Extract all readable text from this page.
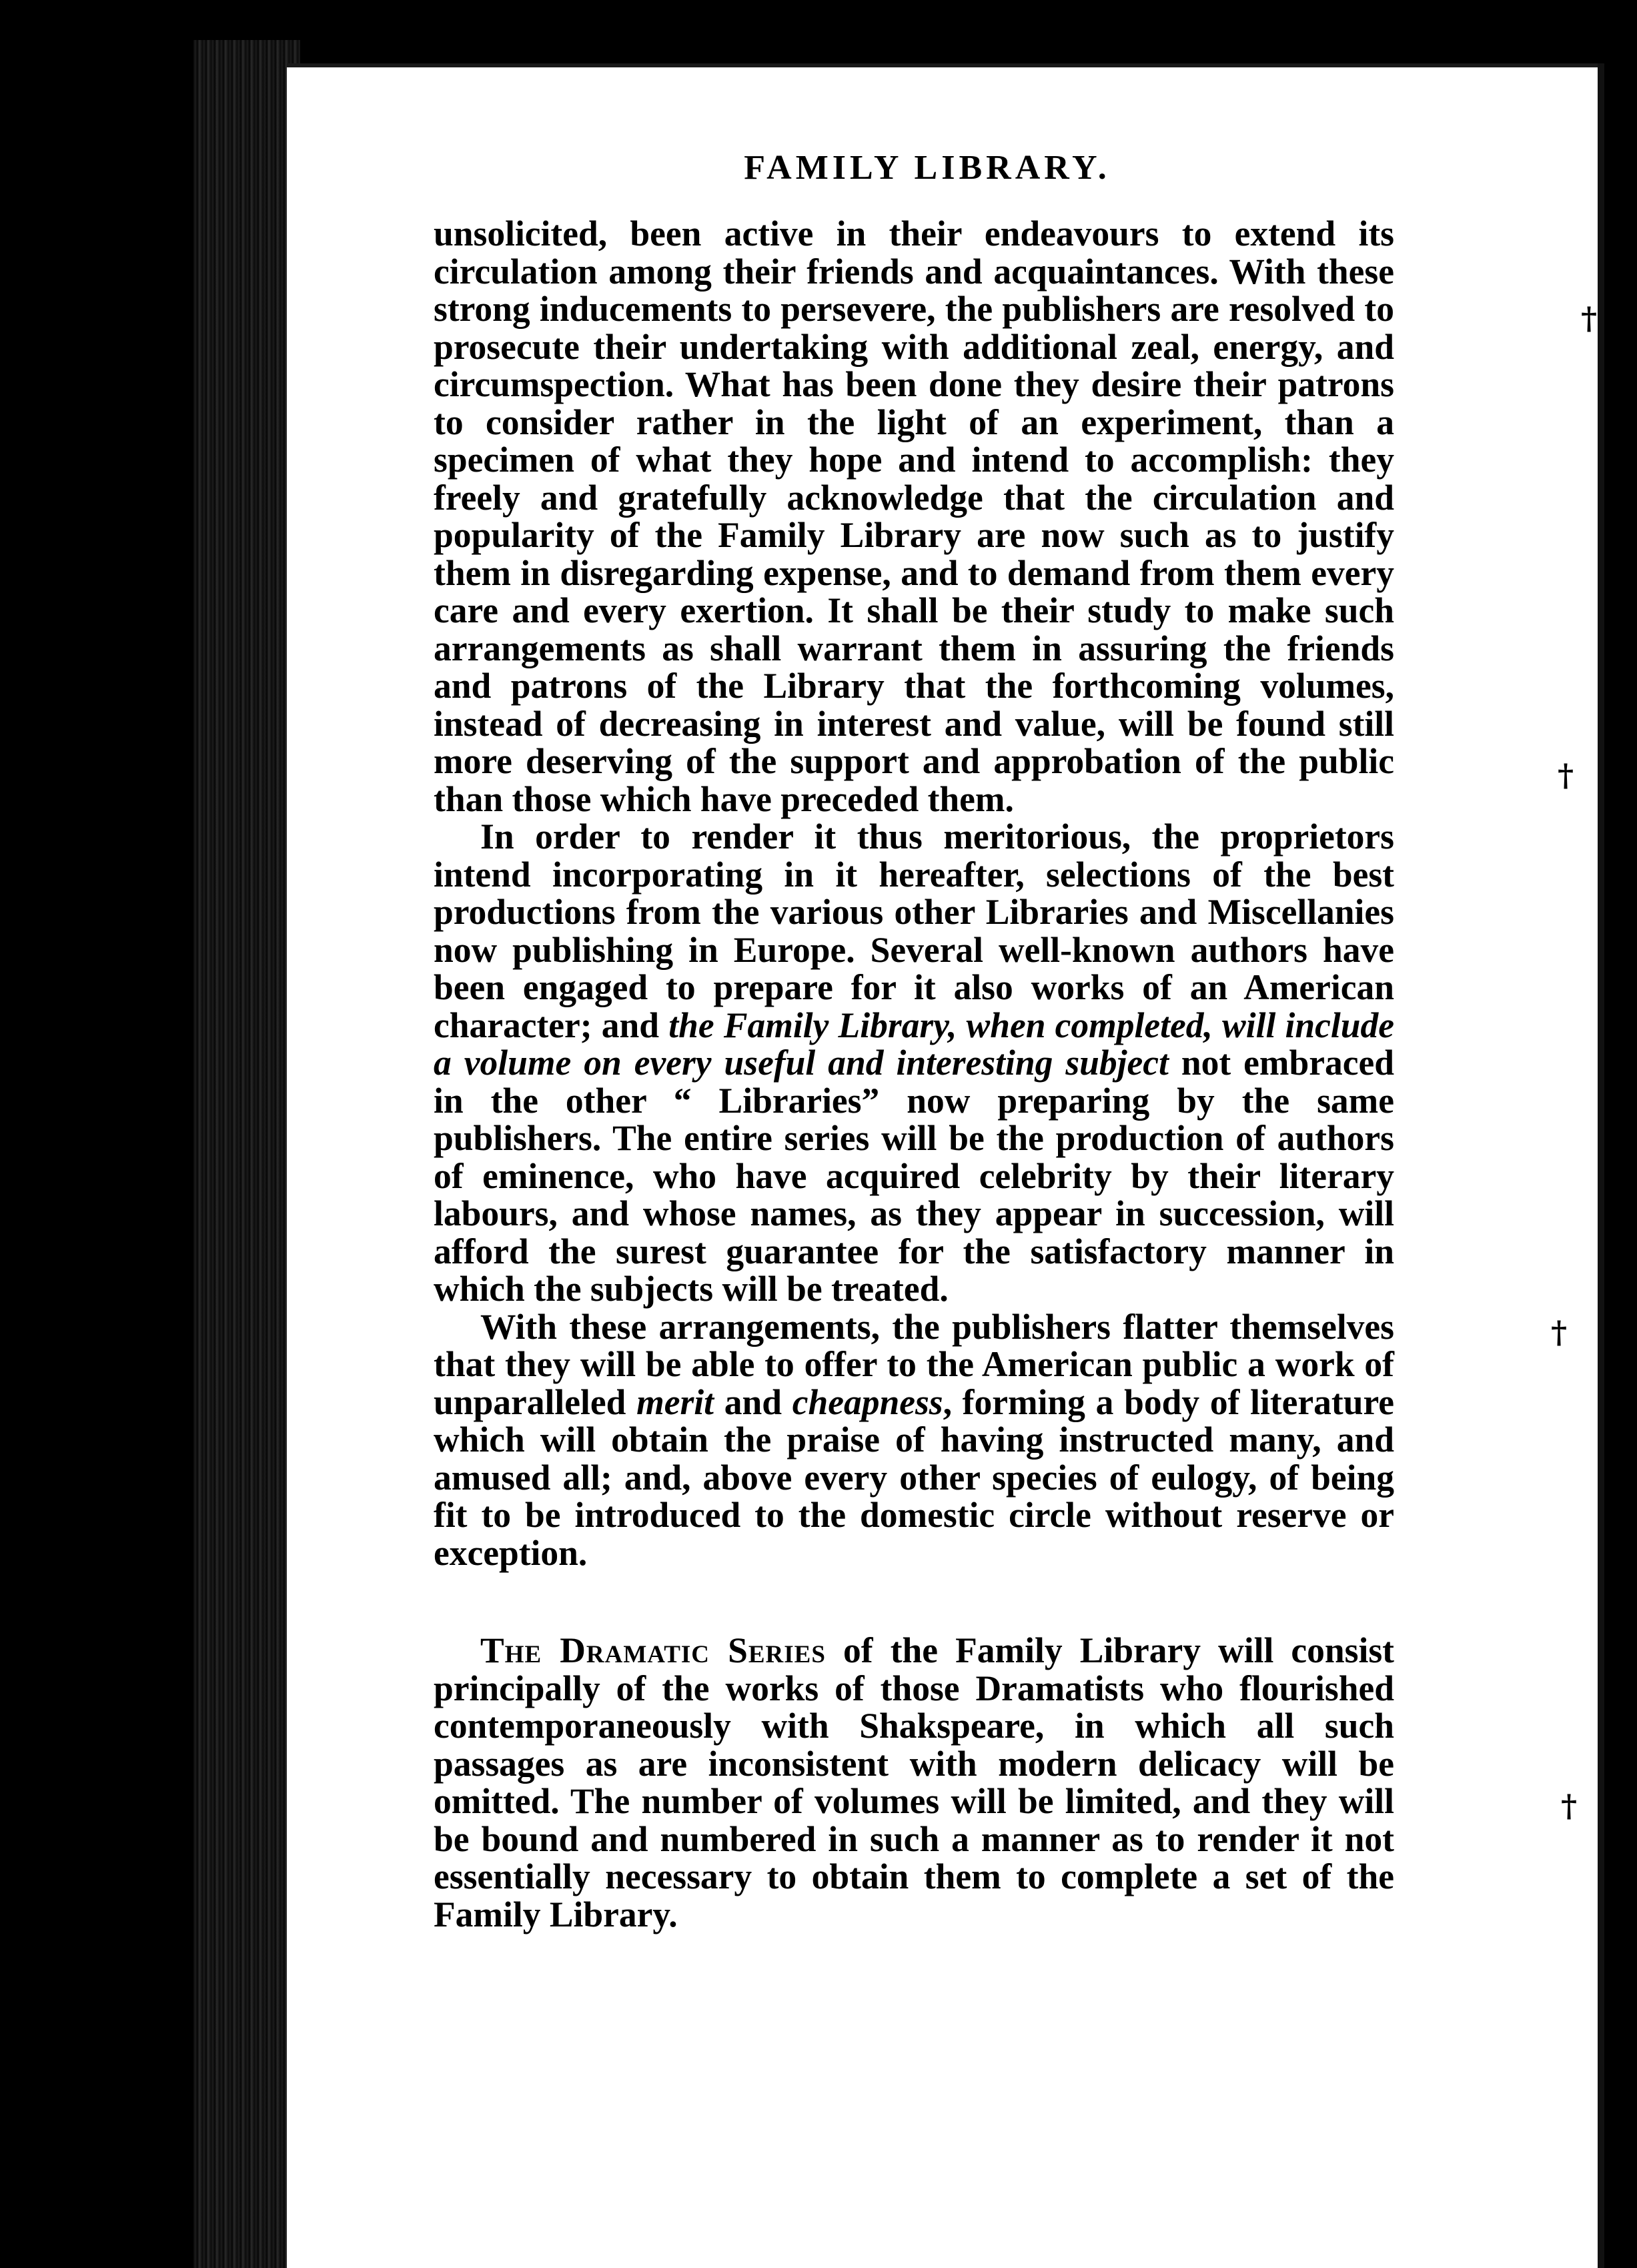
†
†
†
†
FAMILY LIBRARY.

unsolicited, been active in their endeavours to extend its circulation among their friends and acquaintances. With these strong inducements to persevere, the publishers are resolved to prosecute their undertaking with additional zeal, energy, and circumspection. What has been done they desire their patrons to consider rather in the light of an experiment, than a specimen of what they hope and intend to accomplish: they freely and gratefully acknowledge that the circulation and popularity of the Family Library are now such as to justify them in disregarding expense, and to demand from them every care and every exertion. It shall be their study to make such arrangements as shall warrant them in assuring the friends and patrons of the Library that the forthcoming volumes, instead of decreasing in interest and value, will be found still more deserving of the support and approbation of the public than those which have preceded them.

In order to render it thus meritorious, the proprietors intend incorporating in it hereafter, selections of the best productions from the various other Libraries and Miscellanies now publishing in Europe. Several well-known authors have been engaged to prepare for it also works of an American character; and the Family Library, when completed, will include a volume on every useful and interesting subject not embraced in the other “ Libraries” now preparing by the same publishers. The entire series will be the production of authors of eminence, who have acquired celebrity by their literary labours, and whose names, as they appear in succession, will afford the surest guarantee for the satisfactory manner in which the subjects will be treated.

With these arrangements, the publishers flatter themselves that they will be able to offer to the American public a work of unparalleled merit and cheapness, forming a body of literature which will obtain the praise of having instructed many, and amused all; and, above every other species of eulogy, of being fit to be introduced to the domestic circle without reserve or exception.

The Dramatic Series of the Family Library will consist principally of the works of those Dramatists who flourished contemporaneously with Shakspeare, in which all such passages as are inconsistent with modern delicacy will be omitted. The number of volumes will be limited, and they will be bound and numbered in such a manner as to render it not essentially necessary to obtain them to complete a set of the Family Library.
